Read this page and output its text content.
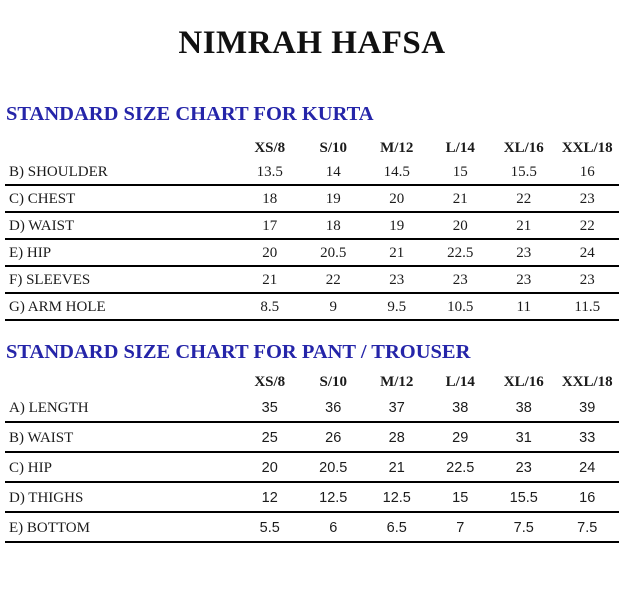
NIMRAH HAFSA
STANDARD SIZE CHART FOR KURTA
	XS/8	S/10	M/12	L/14	XL/16	XXL/18
B) SHOULDER	13.5	14	14.5	15	15.5	16
C) CHEST	18	19	20	21	22	23
D) WAIST	17	18	19	20	21	22
E) HIP	20	20.5	21	22.5	23	24
F) SLEEVES	21	22	23	23	23	23
G) ARM HOLE	8.5	9	9.5	10.5	11	11.5
STANDARD SIZE CHART FOR PANT / TROUSER
	XS/8	S/10	M/12	L/14	XL/16	XXL/18
A) LENGTH	35	36	37	38	38	39
B) WAIST	25	26	28	29	31	33
C) HIP	20	20.5	21	22.5	23	24
D) THIGHS	12	12.5	12.5	15	15.5	16
E) BOTTOM	5.5	6	6.5	7	7.5	7.5
